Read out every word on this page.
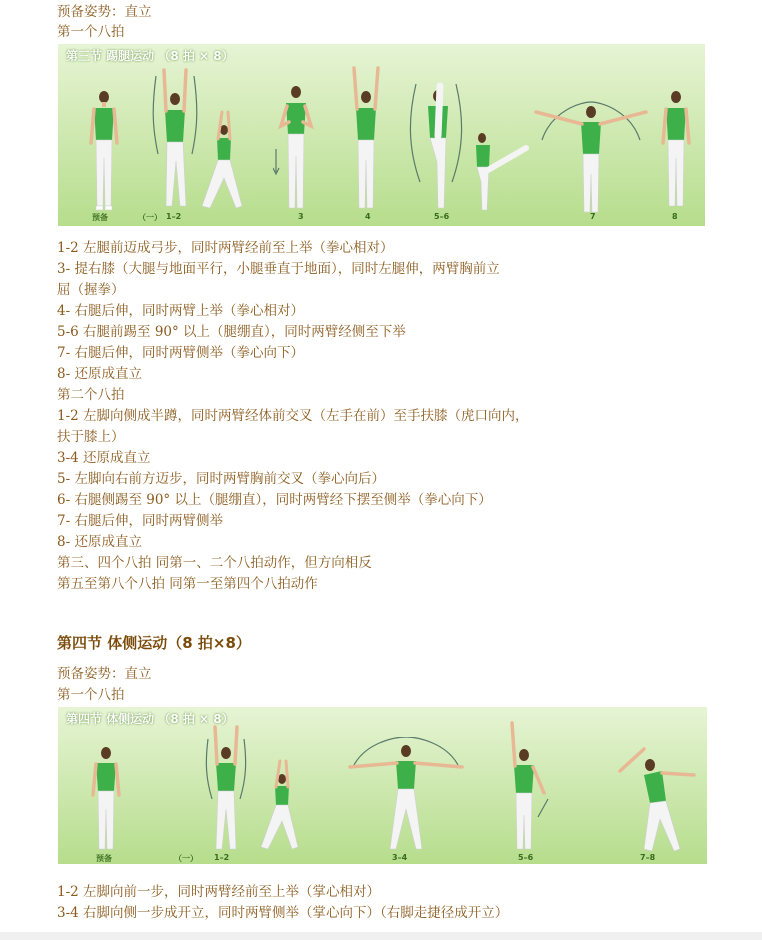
预备姿势：直立

第一个八拍

第三节 踢腿运动 （8 拍 × 8）
预备	（一） 1–2	3	4	5–6	7	8

1-2 左腿前迈成弓步，同时两臂经前至上举（拳心相对）

3- 提右膝（大腿与地面平行，小腿垂直于地面），同时左腿伸，两臂胸前立

屈（握拳）

4- 右腿后伸，同时两臂上举（拳心相对）

5-6 右腿前踢至 90° 以上（腿绷直），同时两臂经侧至下举

7- 右腿后伸，同时两臂侧举（拳心向下）

8- 还原成直立

第二个八拍

1-2 左脚向侧成半蹲，同时两臂经体前交叉（左手在前）至手扶膝（虎口向内，

扶于膝上）

3-4 还原成直立

5- 左脚向右前方迈步，同时两臂胸前交叉（拳心向后）

6- 右腿侧踢至 90° 以上（腿绷直），同时两臂经下摆至侧举（拳心向下）

7- 右腿后伸，同时两臂侧举

8- 还原成直立

第三、四个八拍 同第一、二个八拍动作，但方向相反

第五至第八个八拍 同第一至第四个八拍动作

第四节 体侧运动（8 拍×8）

预备姿势：直立

第一个八拍

第四节 体侧运动 （8 拍 × 8）
预备	（一） 1–2	3–4	5–6	7–8

1-2 左脚向前一步，同时两臂经前至上举（掌心相对）

3-4 右脚向侧一步成开立，同时两臂侧举（掌心向下）（右脚走捷径成开立）
